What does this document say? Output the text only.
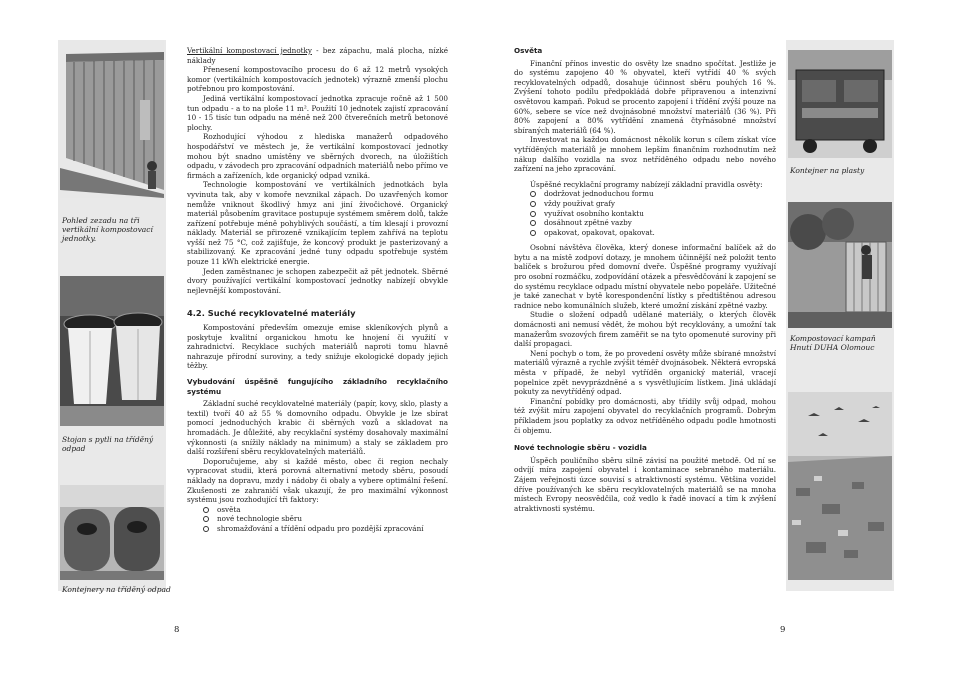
Pohled zezadu na tři vertikální kompostovací jednotky.
Stojan s pytli na tříděný odpad
Kontejnery na tříděný odpad

Vertikální kompostovací jednotky - bez zápachu, malá plocha, nízké náklady

Přenesení kompostovacího procesu do 6 až 12 metrů vysokých komor (vertikálních kompostovacích jednotek) výrazně zmenší plochu potřebnou pro kompostování.

Jediná vertikální kompostovací jednotka zpracuje ročně až 1 500 tun odpadu - a to na ploše 11 m². Použití 10 jednotek zajistí zpracování 10 - 15 tisíc tun odpadu na méně než 200 čtverečních metrů betonové plochy.

Rozhodující výhodou z hlediska manažerů odpadového hospodářství ve městech je, že vertikální kompostovací jednotky mohou být snadno umístěny ve sběrných dvorech, na úložištích odpadu, v závodech pro zpracování odpadních materiálů nebo přímo ve firmách a zařízeních, kde organický odpad vzniká.

Technologie kompostování ve vertikálních jednotkách byla vyvinuta tak, aby v komoře nevznikal zápach. Do uzavřených komor nemůže vniknout škodlivý hmyz ani jiní živočichové. Organický materiál působením gravitace postupuje systémem směrem dolů, takže zařízení potřebuje méně pohyblivých součástí, a tím klesají i provozní náklady. Materiál se přirozeně vznikajícím teplem zahřívá na teplotu vyšší než 75 °C, což zajišťuje, že koncový produkt je pasterizovaný a stabilizovaný. Ke zpracování jedné tuny odpadu spotřebuje systém pouze 11 kWh elektrické energie.

Jeden zaměstnanec je schopen zabezpečit až pět jednotek. Sběrné dvory používající vertikální kompostovací jednotky nabízejí obvykle nejlevnější kompostování.

4.2. Suché recyklovatelné materiály

Kompostování především omezuje emise skleníkových plynů a poskytuje kvalitní organickou hmotu ke hnojení či využití v zahradnictví. Recyklace suchých materiálů naproti tomu hlavně nahrazuje přírodní suroviny, a tedy snižuje ekologické dopady jejich těžby.

Vybudování úspěšně fungujícího základního recyklačního systému

Základní suché recyklovatelné materiály (papír, kovy, sklo, plasty a textil) tvoří 40 až 55 % domovního odpadu. Obvykle je lze sbírat pomocí jednoduchých krabic či sběrných vozů a skladovat na hromadách. Je důležité, aby recyklační systémy dosahovaly maximální výkonnosti (a snížily náklady na minimum) a staly se základem pro další rozšíření sběru recyklovatelných materiálů.

Doporučujeme, aby si každé město, obec či region nechaly vypracovat studii, která porovná alternativní metody sběru, posoudí náklady na dopravu, mzdy i nádoby či obaly a vybere optimální řešení. Zkušenosti ze zahraničí však ukazují, že pro maximální výkonnost systému jsou rozhodující tři faktory:

osvěta
nové technologie sběru
shromažďování a třídění odpadu pro pozdější zpracování
8
Osvěta

Finanční přínos investic do osvěty lze snadno spočítat. Jestliže je do systému zapojeno 40 % obyvatel, kteří vytřídí 40 % svých recyklovatelných odpadů, dosahuje účinnost sběru pouhých 16 %. Zvýšení tohoto podílu předpokládá dobře připravenou a intenzivní osvětovou kampaň. Pokud se procento zapojení i třídění zvýší pouze na 60%, sebere se více než dvojnásobné množství materiálů (36 %). Při 80% zapojení a 80% vytřídění znamená čtyřnásobné množství sbíraných materiálů (64 %).

Investovat na každou domácnost několik korun s cílem získat více vytříděných materiálů je mnohem lepším finančním rozhodnutím než nákup dalšího vozidla na svoz netříděného odpadu nebo nového zařízení na jeho zpracování.

Úspěšné recyklační programy nabízejí základní pravidla osvěty:

dodržovat jednoduchou formu
vždy používat grafy
využívat osobního kontaktu
dosáhnout zpětné vazby
opakovat, opakovat, opakovat.

Osobní návštěva člověka, který donese informační balíček až do bytu a na místě zodpoví dotazy, je mnohem účinnější než položit tento balíček s brožurou před domovní dveře. Úspěšné programy využívají pro osobní rozmáčku, zodpovídání otázek a přesvědčování k zapojení se do systému recyklace odpadu místní obyvatele nebo popeláře. Užitečné je také zanechat v bytě korespondenční lístky s předtištěnou adresou radnice nebo komunálních služeb, které umožní získání zpětné vazby.

Studie o složení odpadů udělané materiály, o kterých člověk domácnosti ani nemusí vědět, že mohou být recyklovány, a umožní tak manažerům svozových firem zaměřit se na tyto opomenuté suroviny při další propagaci.

Není pochyb o tom, že po provedení osvěty může sbírané množství materiálů výrazně a rychle zvýšit téměř dvojnásobek. Některá evropská města v případě, že nebyl vytříděn organický materiál, vracejí popelnice zpět nevyprázdněné a s vysvětlujícím lístkem. Jiná ukládají pokuty za nevytříděný odpad.

Finanční pobídky pro domácnosti, aby třídily svůj odpad, mohou též zvýšit míru zapojení obyvatel do recyklačních programů. Dobrým příkladem jsou poplatky za odvoz netříděného odpadu podle hmotnosti či objemu.

Nové technologie sběru - vozidla

Úspěch pouličního sběru silně závisí na použité metodě. Od ní se odvíjí míra zapojení obyvatel i kontaminace sebraného materiálu. Zájem veřejnosti úzce souvisí s atraktivností systému. Většina vozidel dříve používaných ke sběru recyklovatelných materiálů se na mnoha místech Evropy neosvědčila, což vedlo k řadě inovací a tím k zvýšení atraktivnosti systému.

Kontejner na plasty
Kompostovací kampaň Hnutí DUHA Olomouc
9
